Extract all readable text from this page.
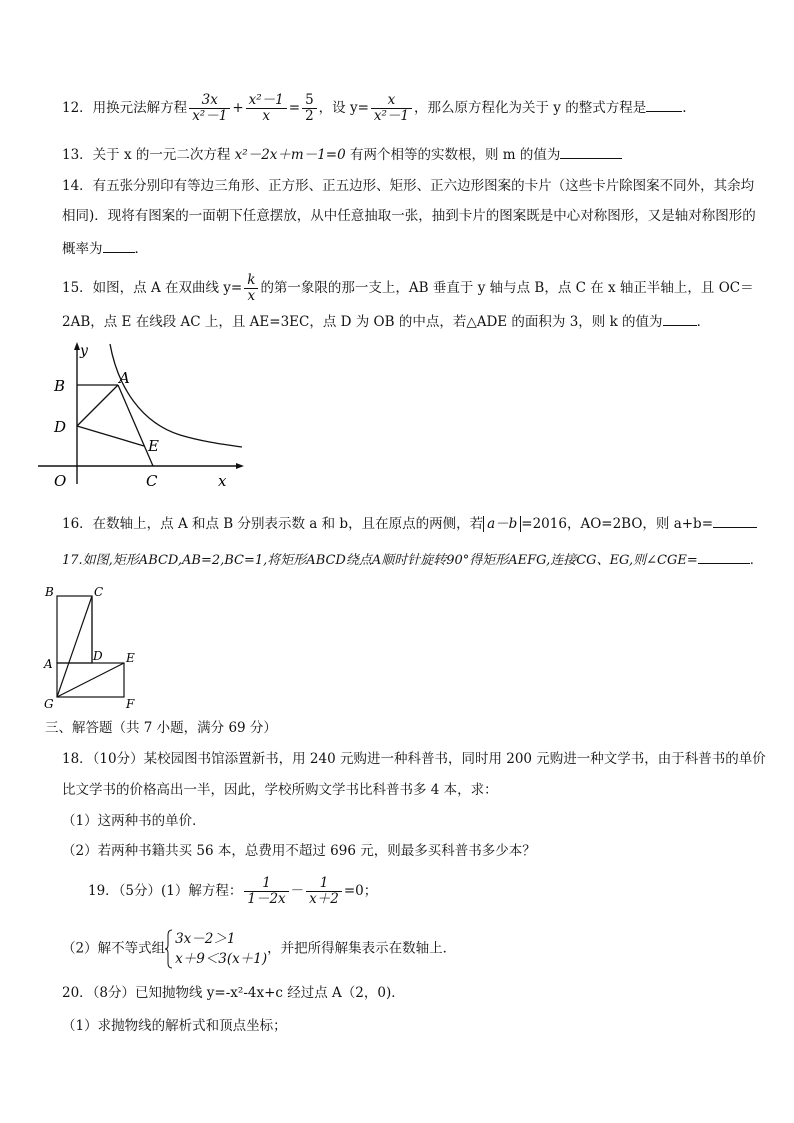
12．用换元法解方程 $\frac{3x}{\text{x²－1}} + \frac{\text{x²－1}}{x} = \frac{5}{2}$ ，设 $y= \frac{x}{\text{x²－1}}$ ，那么原方程化为关于 y 的整式方程是	.
13．关于 x 的一元二次方程 x²－2x＋m－1=0 有两个相等的实数根，则 m 的值为
14．有五张分别印有等边三角形、正方形、正五边形、矩形、正六边形图案的卡片（这些卡片除图案不同外，其余均
相同)．现将有图案的一面朝下任意摆放，从中任意抽取一张，抽到卡片的图案既是中心对称图形，又是轴对称图形的
概率为 ．
15．如图，点 A 在双曲线 $y= \frac{k}{x}$ 的第一象限的那一支上，AB 垂直于 y 轴与点 B，点 C 在 x 轴正半轴上，且 OC＝
2AB，点 E 在线段 AC 上，且 AE=3EC，点 D 为 OB 的中点，若△ADE 的面积为 3，则 k 的值为	．
y
B	A
D
E
O	C	x
16．在数轴上，点 A 和点 B 分别表示数 a 和 b，且在原点的两侧，若 a－b =2016，AO=2BO，则 a+b=
17.如图,矩形ABCD,AB=2,BC=1,将矩形ABCD绕点A顺时针旋转90°得矩形AEFG,连接CG、EG,则∠CGE=	.
B	C
A
D E
G	F
三、解答题（共 7 小题，满分 69 分）
18．（10分）某校园图书馆添置新书，用 240 元购进一种科普书，同时用 200 元购进一种文学书，由于科普书的单价
比文学书的价格高出一半，因此，学校所购文学书比科普书多 4 本，求：
（1）这两种书的单价．
（2）若两种书籍共买 56 本，总费用不超过 696 元，则最多买科普书多少本？
19．（5分）(1）解方程： $\frac{1}{1-2x} - \frac{1}{x+2} =0$；
（2）解不等式组
3x－2＞1
x＋9＜3(x＋1)
，并把所得解集表示在数轴上．
20．（8分）已知抛物线 y=-x²-4x+c 经过点 A（2，0)．
（1）求抛物线的解析式和顶点坐标；
